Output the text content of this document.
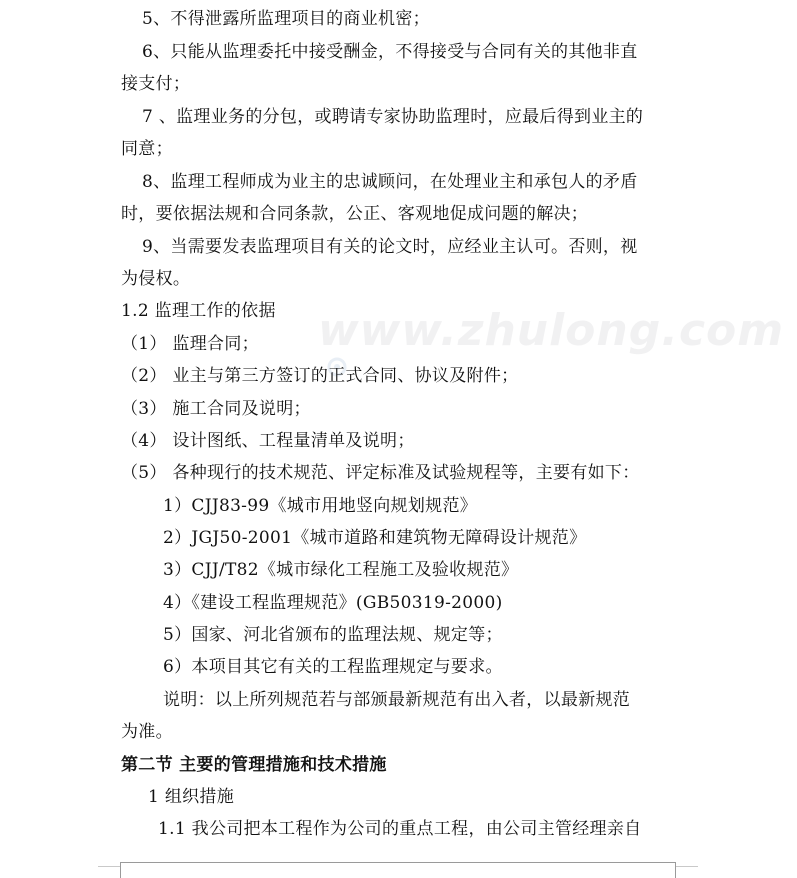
www.zhulong.com
5、不得泄露所监理项目的商业机密；
6、只能从监理委托中接受酬金，不得接受与合同有关的其他非直
接支付；
7 、监理业务的分包，或聘请专家协助监理时，应最后得到业主的
同意；
8、监理工程师成为业主的忠诚顾问，在处理业主和承包人的矛盾
时，要依据法规和合同条款，公正、客观地促成问题的解决；
9、当需要发表监理项目有关的论文时，应经业主认可。否则，视
为侵权。
1.2 监理工作的依据
（1） 监理合同；
（2） 业主与第三方签订的正式合同、协议及附件；
（3） 施工合同及说明；
（4） 设计图纸、工程量清单及说明；
（5） 各种现行的技术规范、评定标准及试验规程等，主要有如下：
1）CJJ83-99《城市用地竖向规划规范》
2）JGJ50-2001《城市道路和建筑物无障碍设计规范》
3）CJJ/T82《城市绿化工程施工及验收规范》
4）《建设工程监理规范》(GB50319-2000)
5）国家、河北省颁布的监理法规、规定等；
6）本项目其它有关的工程监理规定与要求。
说明：以上所列规范若与部颁最新规范有出入者，以最新规范
为准。
第二节 主要的管理措施和技术措施
1 组织措施
1.1 我公司把本工程作为公司的重点工程，由公司主管经理亲自
